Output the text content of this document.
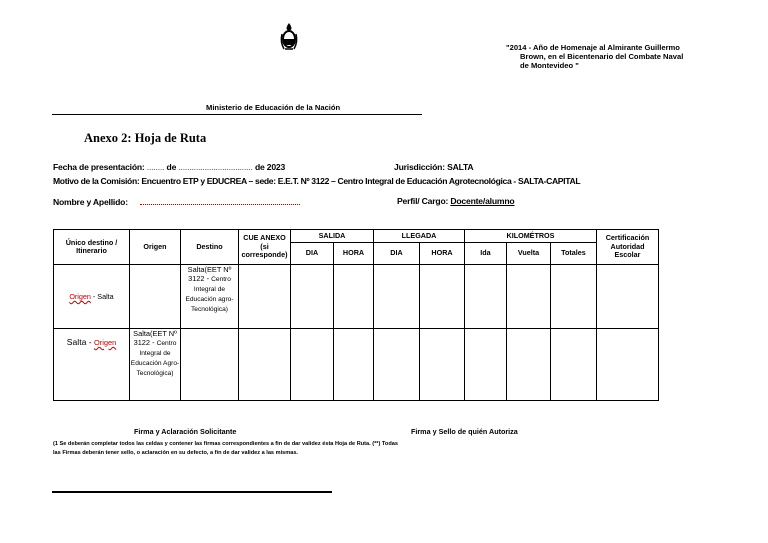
"2014 - Año de Homenaje al Almirante Guillermo
Brown, en el Bicentenario del Combate Naval
de Montevideo "
Ministerio de Educación de la Nación
Anexo 2: Hoja de Ruta
Fecha de presentación: ........ de .................................. de 2023	Jurisdicción: SALTA
Motivo de la Comisión: Encuentro ETP y EDUCREA – sede: E.E.T. Nº 3122 – Centro Integral de Educación Agrotecnológica - SALTA-CAPITAL
Nombre y Apellido:	Perfil/ Cargo: Docente/alumno
Único destino / Itinerario	Origen	Destino	CUE ANEXO (si corresponde)	SALIDA		LLEGADA		KILOMÉTROS			Certificación Autoridad Escolar
				DIA	HORA	DIA	HORA	Ida	Vuelta	Totales	
Origen - Salta		Salta(EET Nº 3122 - Centro Integral de Educación agro-Tecnológica)									
Salta - Origen	Salta(EET Nº 3122 - Centro Integral de Educación Agro-Tecnológica)										
Firma y Aclaración Solicitante	Firma y Sello de quién Autoriza
(1 Se deberán completar todos las celdas y contener las firmas correspondientes a fin de dar validez ésta Hoja de Ruta. (**) Todas las Firmas deberán tener sello, o aclaración en su defecto, a fin de dar validez a las mismas.
